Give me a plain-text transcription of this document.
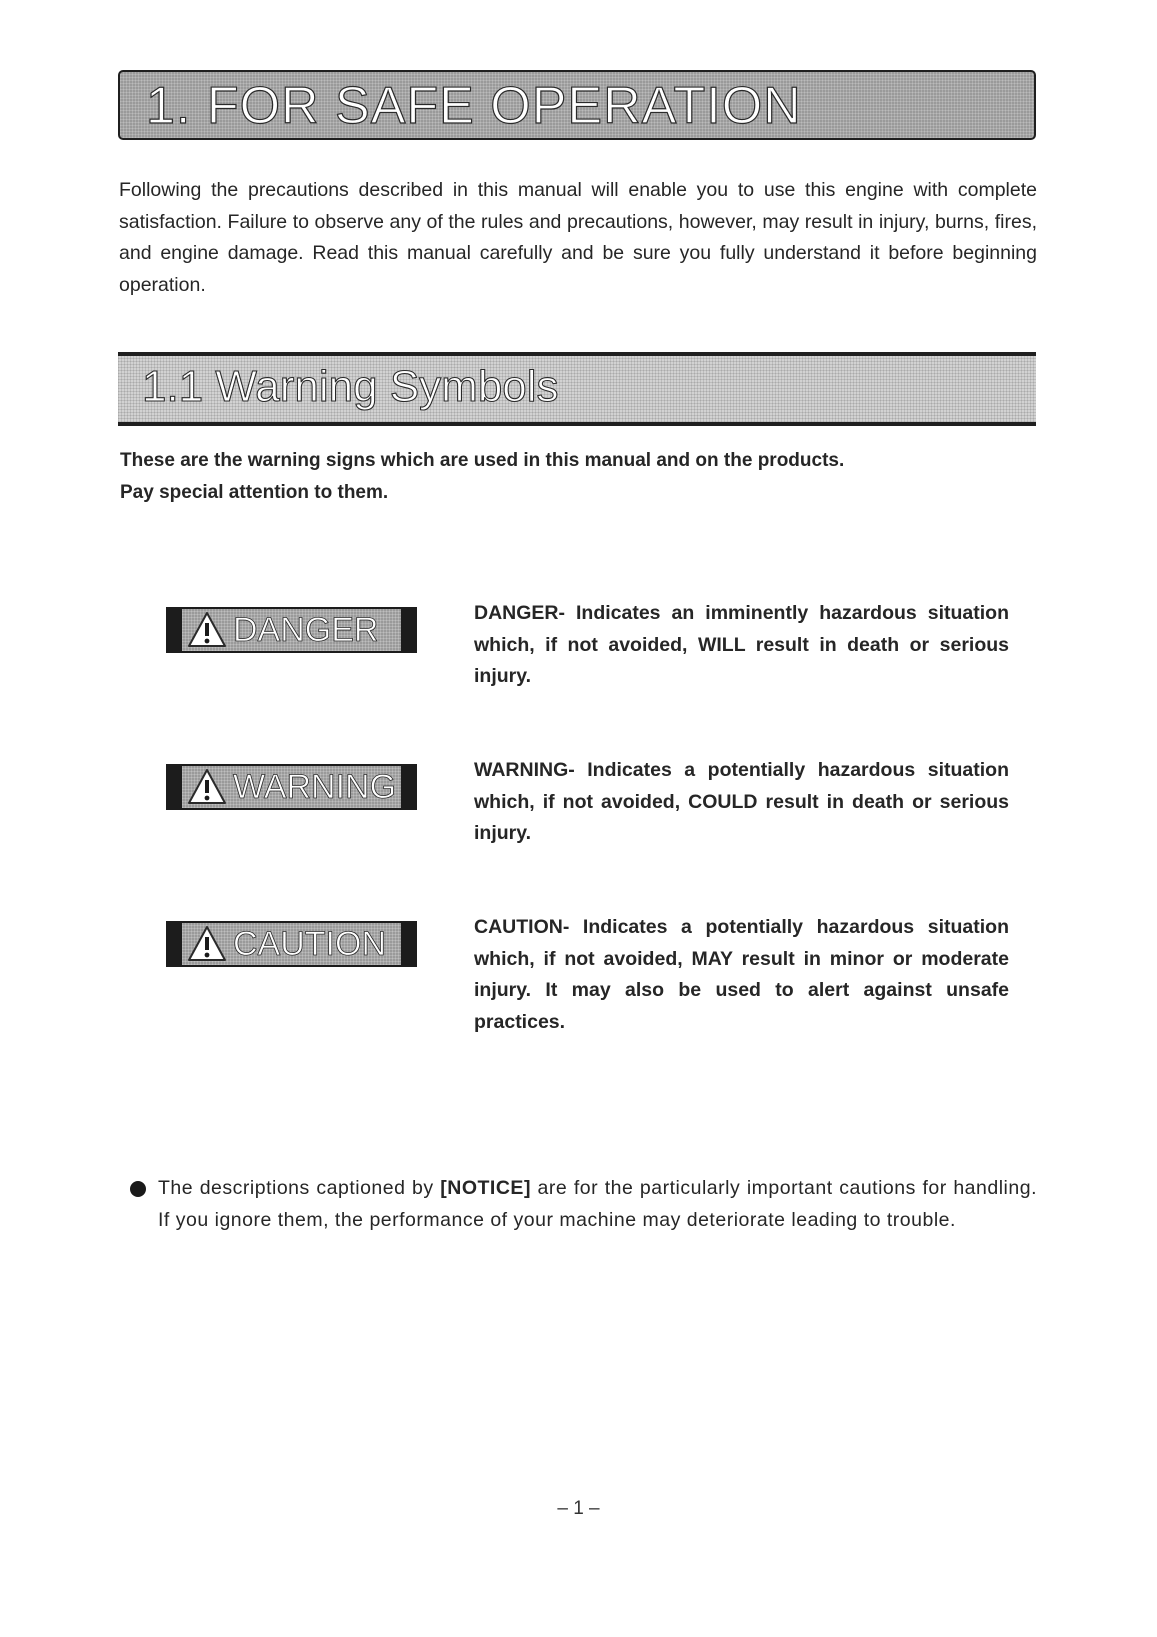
1. FOR SAFE OPERATION

Following the precautions described in this manual will enable you to use this engine with complete satisfaction. Failure to observe any of the rules and precautions, however, may result in injury, burns, fires, and engine damage. Read this manual carefully and be sure you fully understand it before beginning operation.

1.1 Warning Symbols

These are the warning signs which are used in this manual and on the products.
Pay special attention to them.

DANGER	DANGER- Indicates an imminently hazardous situation which, if not avoided, WILL result in death or serious injury.

WARNING	WARNING- Indicates a potentially hazardous situation which, if not avoided, COULD result in death or serious injury.

CAUTION	CAUTION- Indicates a potentially hazardous situation which, if not avoided, MAY result in minor or moderate injury. It may also be used to alert against unsafe practices.

The descriptions captioned by [NOTICE] are for the particularly important cautions for handling. If you ignore them, the performance of your machine may deteriorate leading to trouble.

– 1 –
